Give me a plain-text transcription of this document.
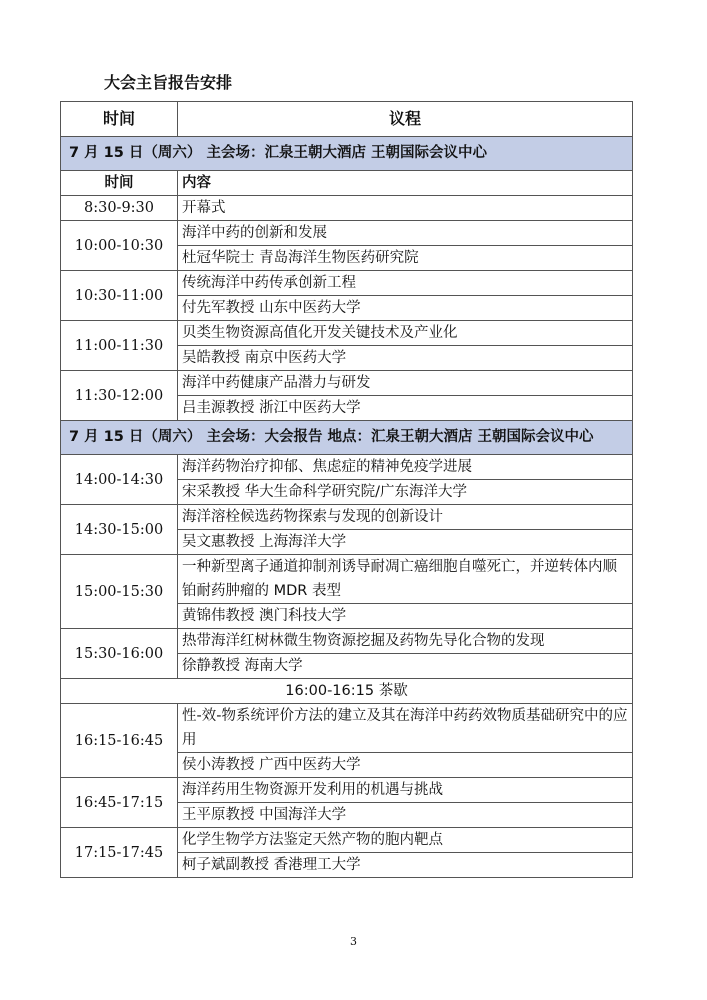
大会主旨报告安排
时间	议程
7 月 15 日（周六） 主会场：汇泉王朝大酒店 王朝国际会议中心	
时间	内容
8:30-9:30	开幕式
10:00-10:30	海洋中药的创新和发展
	杜冠华院士 青岛海洋生物医药研究院
10:30-11:00	传统海洋中药传承创新工程
	付先军教授 山东中医药大学
11:00-11:30	贝类生物资源高值化开发关键技术及产业化
	吴皓教授 南京中医药大学
11:30-12:00	海洋中药健康产品潜力与研发
	吕圭源教授 浙江中医药大学
7 月 15 日（周六） 主会场：大会报告 地点：汇泉王朝大酒店 王朝国际会议中心	
14:00-14:30	海洋药物治疗抑郁、焦虑症的精神免疫学进展
	宋采教授 华大生命科学研究院/广东海洋大学
14:30-15:00	海洋溶栓候选药物探索与发现的创新设计
	吴文惠教授 上海海洋大学
15:00-15:30	一种新型离子通道抑制剂诱导耐凋亡癌细胞自噬死亡，并逆转体内顺铂耐药肿瘤的 MDR 表型
	黄锦伟教授 澳门科技大学
15:30-16:00	热带海洋红树林微生物资源挖掘及药物先导化合物的发现
	徐静教授 海南大学
16:00-16:15 茶歇	
16:15-16:45	性-效-物系统评价方法的建立及其在海洋中药药效物质基础研究中的应用
	侯小涛教授 广西中医药大学
16:45-17:15	海洋药用生物资源开发利用的机遇与挑战
	王平原教授 中国海洋大学
17:15-17:45	化学生物学方法鉴定天然产物的胞内靶点
	柯子斌副教授 香港理工大学
3
